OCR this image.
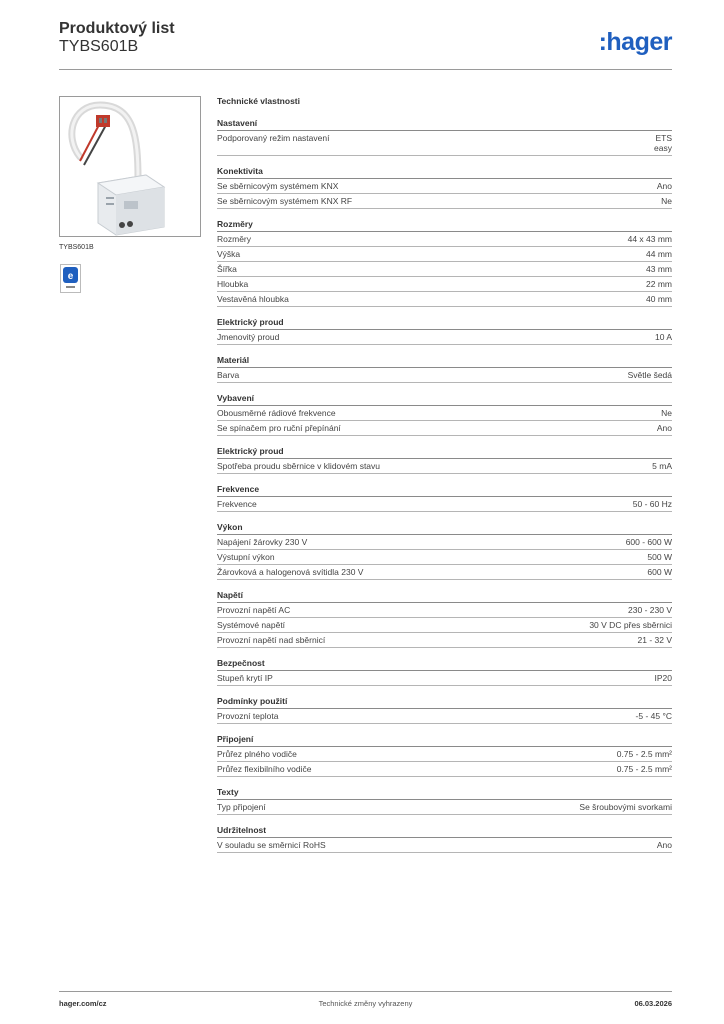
Produktový list
TYBS601B	:hager
TYBS601B
e
Technické vlastnosti
Nastavení
Podporovaný režim nastavení	ETS
easy
Konektivita
Se sběrnicovým systémem KNX	Ano
Se sběrnicovým systémem KNX RF	Ne
Rozměry
Rozměry	44 x 43 mm
Výška	44 mm
Šířka	43 mm
Hloubka	22 mm
Vestavěná hloubka	40 mm
Elektrický proud
Jmenovitý proud	10 A
Materiál
Barva	Světle šedá
Vybavení
Obousměrné rádiové frekvence	Ne
Se spínačem pro ruční přepínání	Ano
Elektrický proud
Spotřeba proudu sběrnice v klidovém stavu	5 mA
Frekvence
Frekvence	50 - 60 Hz
Výkon
Napájení žárovky 230 V	600 - 600 W
Výstupní výkon	500 W
Žárovková a halogenová svítidla 230 V	600 W
Napětí
Provozní napětí AC	230 - 230 V
Systémové napětí	30 V DC přes sběrnici
Provozní napětí nad sběrnicí	21 - 32 V
Bezpečnost
Stupeň krytí IP	IP20
Podmínky použití
Provozní teplota	-5 - 45 °C
Připojení
Průřez plného vodiče	0.75 - 2.5 mm²
Průřez flexibilního vodiče	0.75 - 2.5 mm²
Texty
Typ připojení	Se šroubovými svorkami
Udržitelnost
V souladu se směrnicí RoHS	Ano
hager.com/cz	Technické změny vyhrazeny	06.03.2026
